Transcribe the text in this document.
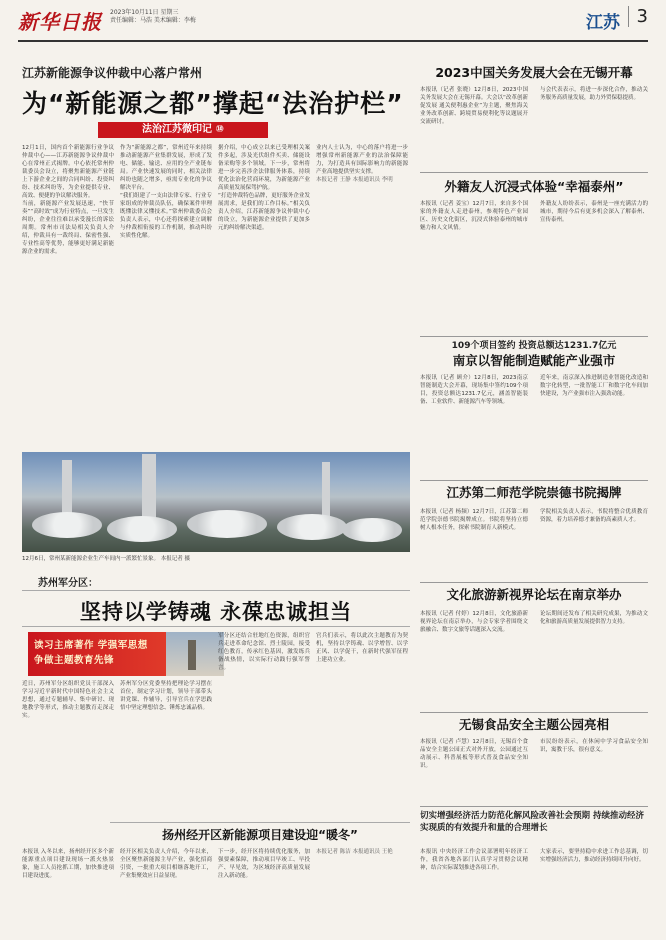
新华日报 2023年10月11日 星期三
责任编辑：马浩 美术编辑：李梅	江苏 3
江苏新能源争议仲裁中心落户常州
为“新能源之都”撑起“法治护栏”
法治江苏微印记 ⑩

12月1日，国内首个新能源行业争议仲裁中心——江苏新能源争议仲裁中心在常州正式揭牌。中心依托常州仲裁委员会设立，将聚焦新能源产业链上下游企业之间的合同纠纷、投资纠纷、技术纠纷等，为企业提供专业、高效、便捷的争议解决服务。

当前，新能源产业发展迅速，“快节奏”“高时效”成为行业特点，一旦发生纠纷，企业往往难以承受漫长的诉讼周期。常州市司法局相关负责人介绍，仲裁具有一裁终局、保密性强、专业性高等优势，能够更好满足新能源企业的需求。

作为“新能源之都”，常州近年来持续推动新能源产业集群发展，形成了发电、储能、输送、应用的全产业链布局。产业快速发展的同时，相关法律纠纷也随之增多，亟需专业化的争议解决平台。

“我们组建了一支由法律专家、行业专家组成的仲裁员队伍，确保案件审理既懂法律又懂技术。”常州仲裁委员会负责人表示，中心还将探索建立调解与仲裁相衔接的工作机制，推动纠纷实质性化解。

据介绍，中心成立以来已受理相关案件多起，涉及光伏组件买卖、储能设备采购等多个领域。下一步，常州将进一步完善涉企法律服务体系，持续优化法治化营商环境，为新能源产业高质量发展保驾护航。

“打造仲裁特色品牌，更好服务企业发展需求，是我们的工作目标。”相关负责人介绍，江苏新能源争议仲裁中心的设立，为新能源企业提供了更加多元的纠纷解决渠道。

业内人士认为，中心的落户将进一步增强常州新能源产业的法治保障能力，为打造具有国际影响力的新能源产业高地提供坚实支撑。

本报记者 王静 本报通讯员 李明

12月6日，常州某新能源企业生产车间内一派繁忙景象。 本报记者 摄
苏州军分区：
坚持以学铸魂 永葆忠诚担当
读习主席著作 学强军思想
争做主题教育先锋

近日，苏州军分区组织党员干部深入学习习近平新时代中国特色社会主义思想，通过专题辅导、集中研讨、现地教学等形式，推动主题教育走深走实。

苏州军分区党委坚持把理论学习摆在首位，制定学习计划，领导干部带头讲党课、作辅导，引导官兵在学思践悟中坚定理想信念、锤炼忠诚品格。

军分区还结合驻地红色资源，组织官兵走进革命纪念馆、烈士陵园，接受红色教育，传承红色基因，激发练兵备战热情，以实际行动践行强军誓言。

官兵们表示，将以此次主题教育为契机，坚持以学铸魂、以学增智、以学正风、以学促干，在新时代强军征程上建功立业。

扬州经开区新能源项目建设迎“暖冬”

本报讯 入冬以来，扬州经开区多个新能源重点项目建设现场一派火热景象，施工人员抢抓工期，加快推进项目建设进度。

经开区相关负责人介绍，今年以来，全区聚焦新能源主导产业，强化招商引资，一批重大项目相继落地开工，产业集聚效应日益显现。

下一步，经开区将持续优化服务，加强要素保障，推动项目早竣工、早投产、早见效，为区域经济高质量发展注入新动能。

本报记者 陈洁 本报通讯员 王艳

2023中国关务发展大会在无锡开幕
本报讯（记者 张晓）12月8日，2023中国关务发展大会在无锡开幕。大会以“改革创新促发展 通关便利惠企业”为主题，聚焦海关业务改革创新、跨境贸易便利化等议题展开交流研讨。
与会代表表示，将进一步深化合作，推动关务服务高质量发展，助力外贸保稳提质。
外籍友人沉浸式体验“幸福泰州”
本报讯（记者 姜宝）12月7日，来自多个国家的外籍友人走进泰州，参观特色产业园区、历史文化街区，沉浸式体验泰州的城市魅力和人文风情。
外籍友人纷纷表示，泰州是一座充满活力的城市，期待今后有更多机会深入了解泰州、宣传泰州。
109个项目签约 投资总额达1231.7亿元
南京以智能制造赋能产业强市
本报讯（记者 顾介）12月8日，2023南京智能制造大会开幕，现场集中签约109个项目，投资总额达1231.7亿元，涵盖智能装备、工业软件、新能源汽车等领域。
近年来，南京深入推进制造业智能化改造和数字化转型，一批智能工厂和数字化车间加快建设，为产业强市注入强劲动能。
江苏第二师范学院崇德书院揭牌
本报讯（记者 杨频）12月7日，江苏第二师范学院崇德书院揭牌成立。书院将坚持立德树人根本任务，探索书院制育人新模式。
学院相关负责人表示，书院将整合优质教育资源，着力培养德才兼备的高素质人才。
文化旅游新视界论坛在南京举办
本报讯（记者 付婷）12月8日，文化旅游新视界论坛在南京举办，与会专家学者围绕文旅融合、数字文旅等话题深入交流。
论坛期间还发布了相关研究成果，为推动文化和旅游高质量发展提供智力支持。
无锡食品安全主题公园亮相
本报讯（记者 卢慧）12月8日，无锡首个食品安全主题公园正式对外开放，公园通过互动展示、科普展板等形式普及食品安全知识。
市民纷纷表示，在休闲中学习食品安全知识，寓教于乐，很有意义。
切实增强经济活力防范化解风险改善社会预期 持续推动经济实现质的有效提升和量的合理增长
本报讯 中央经济工作会议部署明年经济工作，我省各地各部门认真学习贯彻会议精神，结合实际谋划推进各项工作。
大家表示，要坚持稳中求进工作总基调，切实增强经济活力，推动经济持续回升向好。
